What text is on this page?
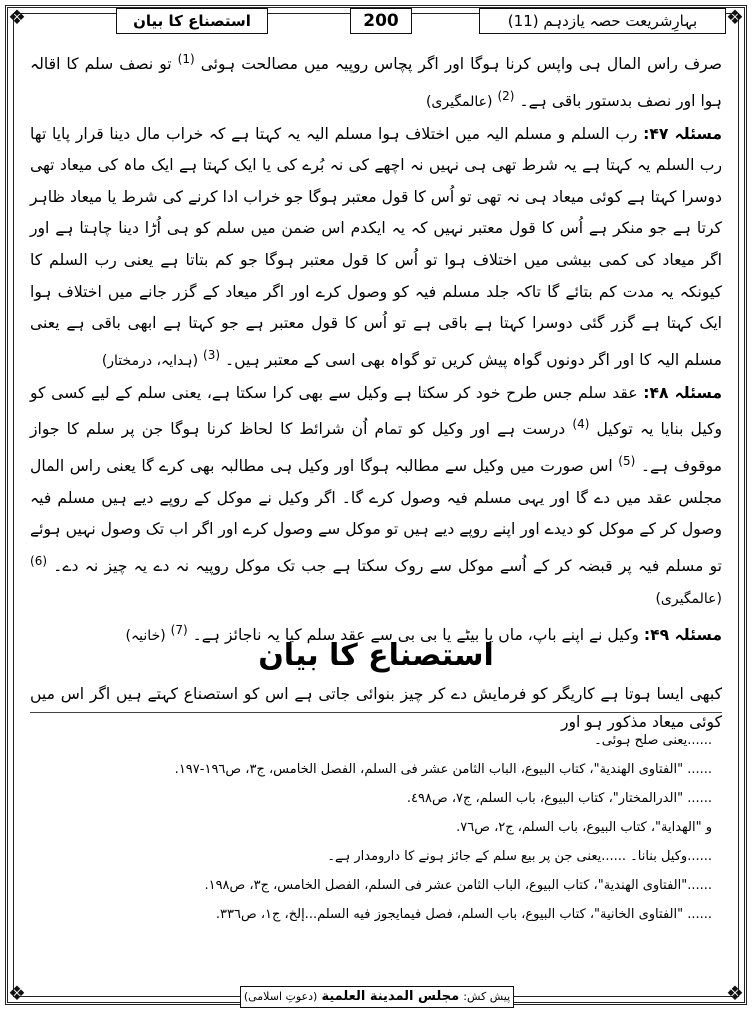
❖	❖
❖	❖
بہارِشریعت حصہ یازدہم (11)
200
استصناع کا بیان

صرف راس المال ہی واپس کرنا ہوگا اور اگر پچاس روپیہ میں مصالحت ہوئی $^{(1)}$ تو نصف سلم کا اقالہ ہوا اور نصف بدستور باقی ہے۔ $^{(2)}$ (عالمگیری)

مسئلہ ۴۷: رب السلم و مسلم الیہ میں اختلاف ہوا مسلم الیہ یہ کہتا ہے کہ خراب مال دینا قرار پایا تھا رب السلم یہ کہتا ہے یہ شرط تھی ہی نہیں نہ اچھے کی نہ بُرے کی یا ایک کہتا ہے ایک ماہ کی میعاد تھی دوسرا کہتا ہے کوئی میعاد ہی نہ تھی تو اُس کا قول معتبر ہوگا جو خراب ادا کرنے کی شرط یا میعاد ظاہر کرتا ہے جو منکر ہے اُس کا قول معتبر نہیں کہ یہ ایکدم اس ضمن میں سلم کو ہی اُڑا دینا چاہتا ہے اور اگر میعاد کی کمی بیشی میں اختلاف ہوا تو اُس کا قول معتبر ہوگا جو کم بتاتا ہے یعنی رب السلم کا کیونکہ یہ مدت کم بتائے گا تاکہ جلد مسلم فیہ کو وصول کرے اور اگر میعاد کے گزر جانے میں اختلاف ہوا ایک کہتا ہے گزر گئی دوسرا کہتا ہے باقی ہے تو اُس کا قول معتبر ہے جو کہتا ہے ابھی باقی ہے یعنی مسلم الیہ کا اور اگر دونوں گواہ پیش کریں تو گواہ بھی اسی کے معتبر ہیں۔ $^{(3)}$ (ہدایہ، درمختار)

مسئلہ ۴۸: عقد سلم جس طرح خود کر سکتا ہے وکیل سے بھی کرا سکتا ہے، یعنی سلم کے لیے کسی کو وکیل بنایا یہ توکیل $^{(4)}$ درست ہے اور وکیل کو تمام اُن شرائط کا لحاظ کرنا ہوگا جن پر سلم کا جواز موقوف ہے۔ $^{(5)}$ اس صورت میں وکیل سے مطالبہ ہوگا اور وکیل ہی مطالبہ بھی کرے گا یعنی راس المال مجلس عقد میں دے گا اور یہی مسلم فیہ وصول کرے گا۔ اگر وکیل نے موکل کے روپے دیے ہیں مسلم فیہ وصول کر کے موکل کو دیدے اور اپنے روپے دیے ہیں تو موکل سے وصول کرے اور اگر اب تک وصول نہیں ہوئے تو مسلم فیہ پر قبضہ کر کے اُسے موکل سے روک سکتا ہے جب تک موکل روپیہ نہ دے یہ چیز نہ دے۔ $^{(6)}$ (عالمگیری)

مسئلہ ۴۹: وکیل نے اپنے باپ، ماں یا بیٹے یا بی بی سے عقد سلم کیا یہ ناجائز ہے۔ $^{(7)}$ (خانیہ)

استصناع کا بیان
کبھی ایسا ہوتا ہے کاریگر کو فرمایش دے کر چیز بنوائی جاتی ہے اس کو استصناع کہتے ہیں اگر اس میں کوئی میعاد مذکور ہو اور
......یعنی صلح ہوئی۔
...... "الفتاوی الهندیة"، کتاب البیوع، الباب الثامن عشر فی السلم، الفصل الخامس، ج٣، ص١٩٦-١٩٧.
...... "الدرالمختار"، کتاب البیوع، باب السلم، ج٧، ص٤٩٨.
و "الهدایة"، کتاب البیوع، باب السلم، ج٢، ص٧٦.
......وکیل بنانا۔ ......یعنی جن پر بیع سلم کے جائز ہونے کا دارومدار ہے۔
......"الفتاوی الهندیة"، کتاب البیوع، الباب الثامن عشر فی السلم، الفصل الخامس، ج٣، ص١٩٨.
...... "الفتاوی الخانیة"، کتاب البیوع، باب السلم، فصل فیمایجوز فیه السلم...إلخ، ج١، ص٣٣٦.
پیش کش: مجلس المدینة العلمیة (دعوتِ اسلامی)
